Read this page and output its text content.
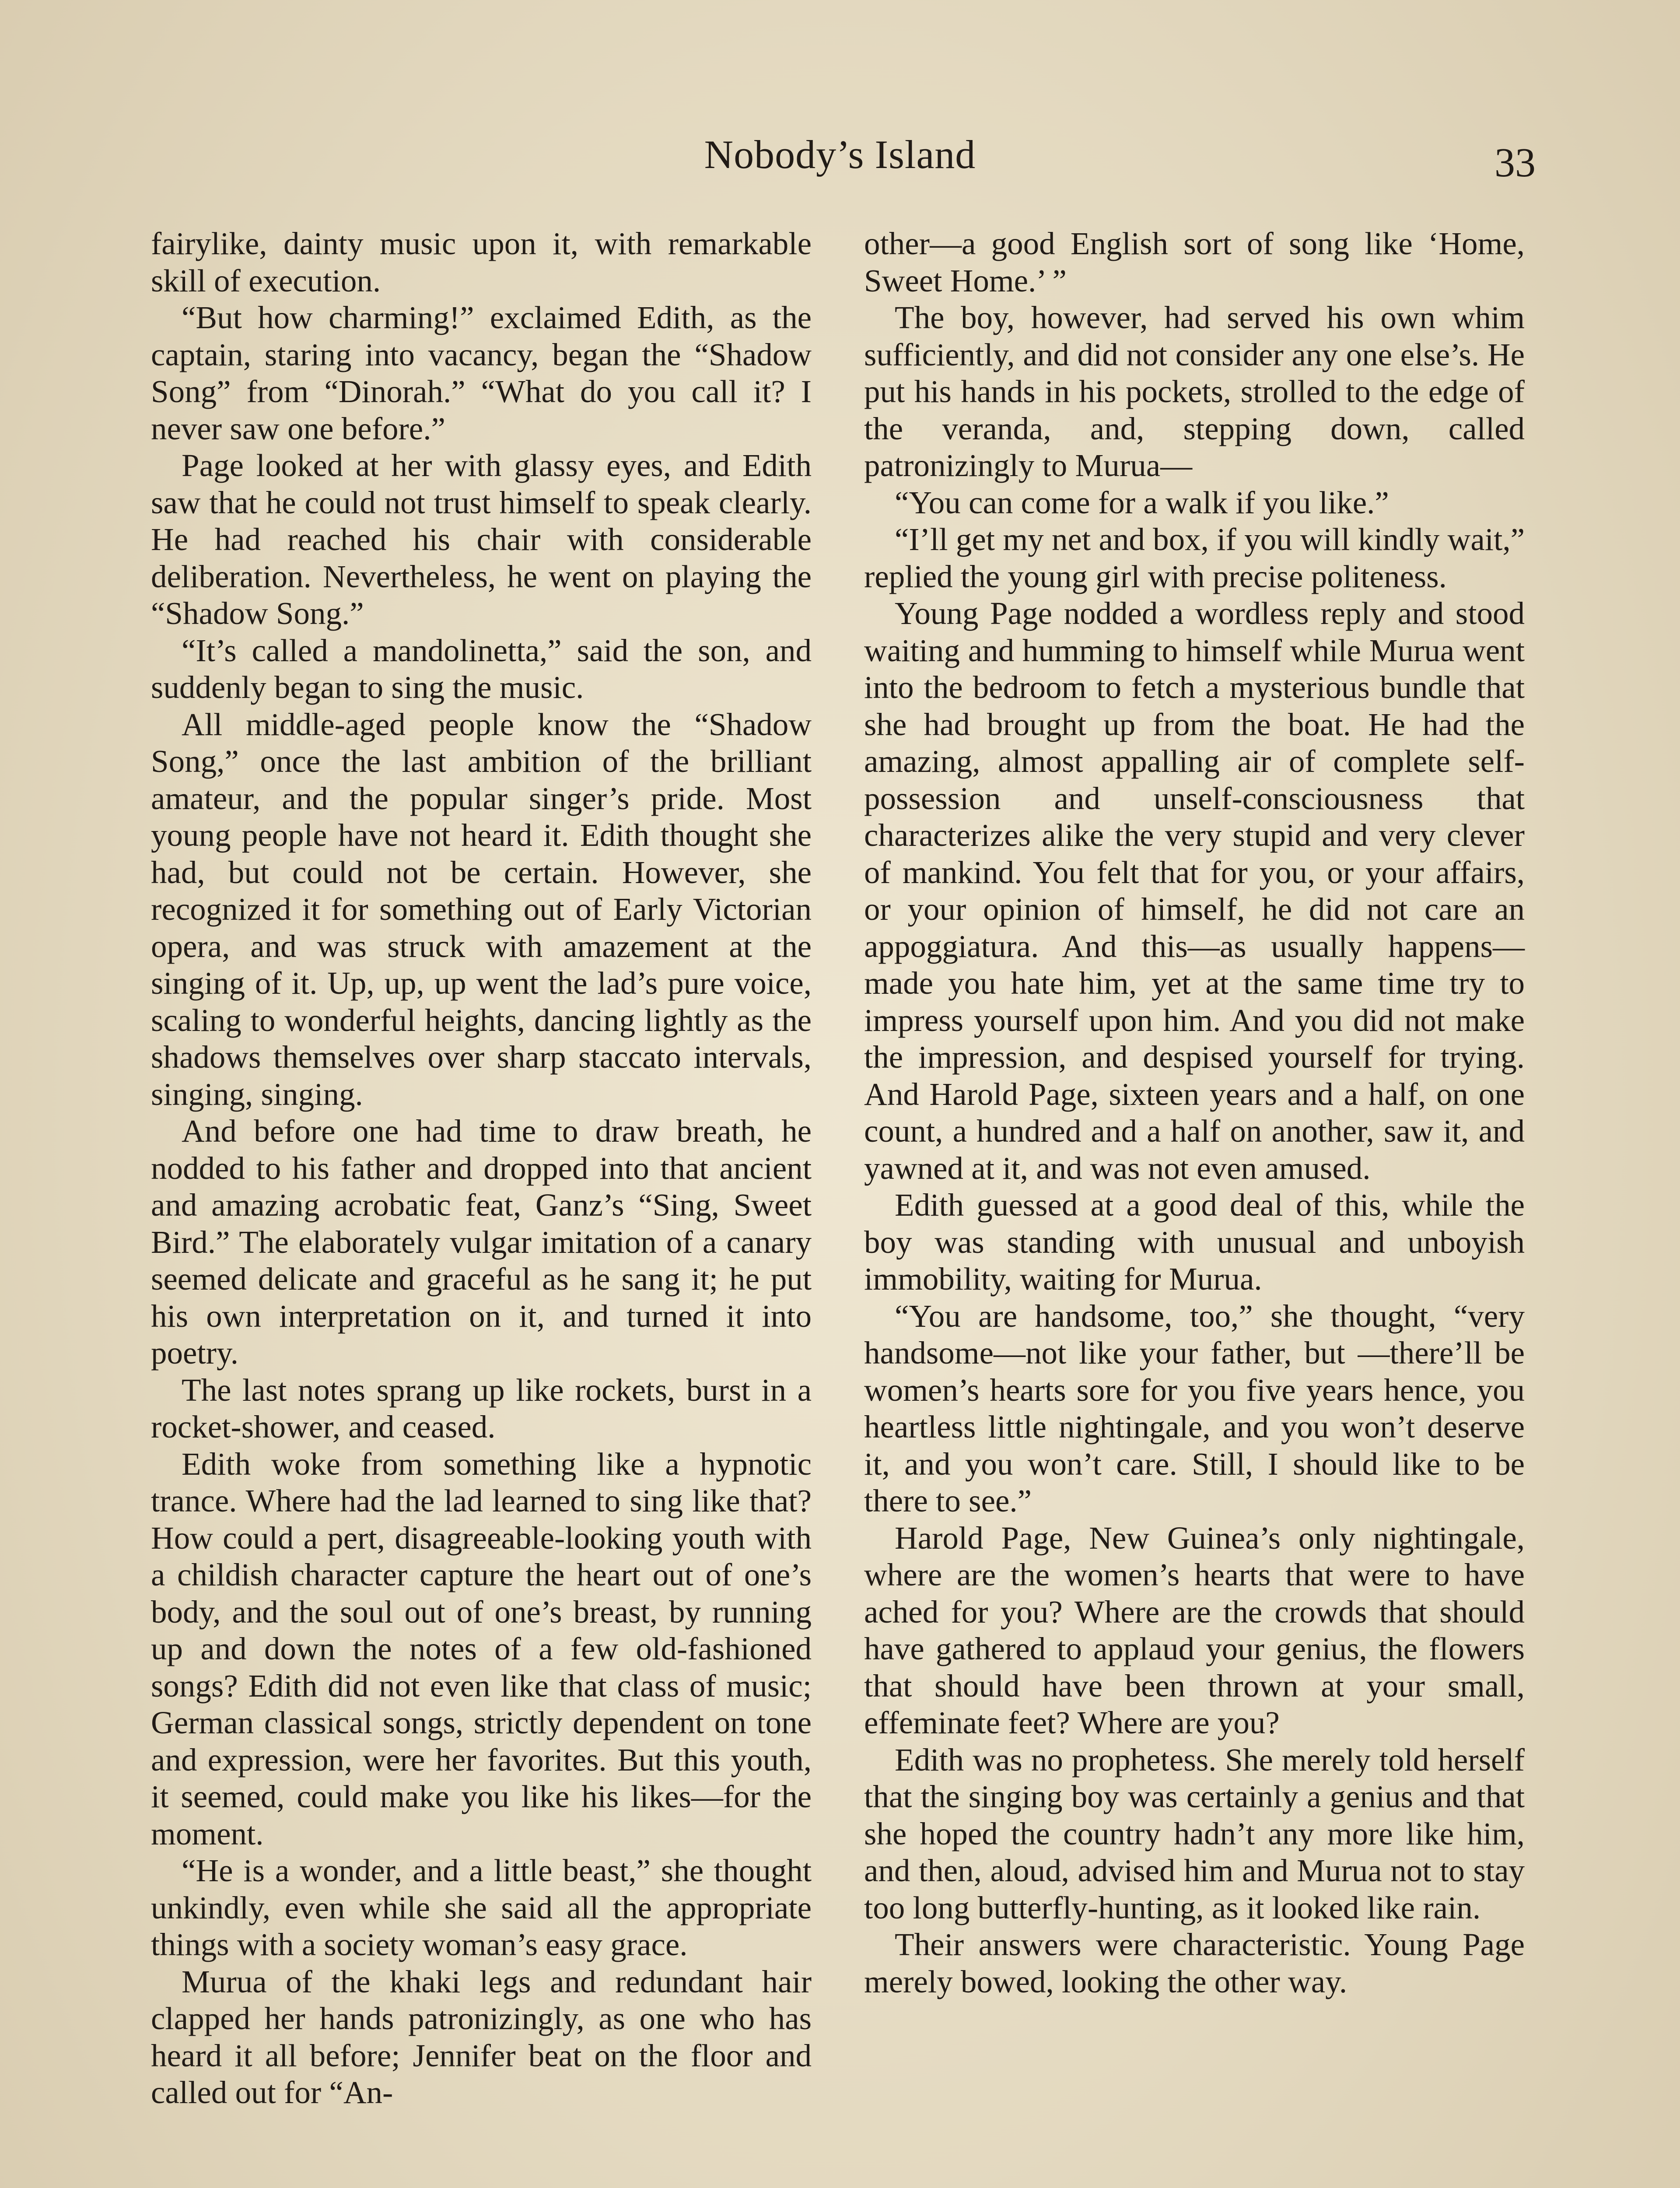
Nobody’s Island	33

fairylike, dainty music upon it, with remarkable skill of execution.

“But how charming!” exclaimed Edith, as the captain, staring into vacancy, began the “Shadow Song” from “Dinorah.” “What do you call it? I never saw one before.”

Page looked at her with glassy eyes, and Edith saw that he could not trust himself to speak clearly. He had reached his chair with considerable deliberation. Nevertheless, he went on playing the “Shadow Song.”

“It’s called a mandolinetta,” said the son, and suddenly began to sing the music.

All middle-aged people know the “Shadow Song,” once the last ambition of the brilliant amateur, and the popular singer’s pride. Most young people have not heard it. Edith thought she had, but could not be certain. However, she recognized it for something out of Early Victorian opera, and was struck with amazement at the singing of it. Up, up, up went the lad’s pure voice, scaling to wonderful heights, dancing lightly as the shadows themselves over sharp staccato intervals, singing, singing.

And before one had time to draw breath, he nodded to his father and dropped into that ancient and amazing acrobatic feat, Ganz’s “Sing, Sweet Bird.” The elaborately vulgar imitation of a canary seemed delicate and graceful as he sang it; he put his own interpretation on it, and turned it into poetry.

The last notes sprang up like rockets, burst in a rocket-shower, and ceased.

Edith woke from something like a hypnotic trance. Where had the lad learned to sing like that? How could a pert, disagreeable-looking youth with a childish character capture the heart out of one’s body, and the soul out of one’s breast, by running up and down the notes of a few old-fashioned songs? Edith did not even like that class of music; German classical songs, strictly dependent on tone and expression, were her favorites. But this youth, it seemed, could make you like his likes—for the moment.

“He is a wonder, and a little beast,” she thought unkindly, even while she said all the appropriate things with a society woman’s easy grace.

Murua of the khaki legs and redundant hair clapped her hands patronizingly, as one who has heard it all before; Jennifer beat on the floor and called out for “An-

other—a good English sort of song like ‘Home, Sweet Home.’ ”

The boy, however, had served his own whim sufficiently, and did not consider any one else’s. He put his hands in his pockets, strolled to the edge of the veranda, and, stepping down, called patronizingly to Murua—

“You can come for a walk if you like.”

“I’ll get my net and box, if you will kindly wait,” replied the young girl with precise politeness.

Young Page nodded a wordless reply and stood waiting and humming to himself while Murua went into the bedroom to fetch a mysterious bundle that she had brought up from the boat. He had the amazing, almost appalling air of complete self-possession and unself-consciousness that characterizes alike the very stupid and very clever of mankind. You felt that for you, or your affairs, or your opinion of himself, he did not care an appoggiatura. And this—as usually happens—made you hate him, yet at the same time try to impress yourself upon him. And you did not make the impression, and despised yourself for trying. And Harold Page, sixteen years and a half, on one count, a hundred and a half on another, saw it, and yawned at it, and was not even amused.

Edith guessed at a good deal of this, while the boy was standing with unusual and unboyish immobility, waiting for Murua.

“You are handsome, too,” she thought, “very handsome—not like your father, but —there’ll be women’s hearts sore for you five years hence, you heartless little nightingale, and you won’t deserve it, and you won’t care. Still, I should like to be there to see.”

Harold Page, New Guinea’s only nightingale, where are the women’s hearts that were to have ached for you? Where are the crowds that should have gathered to applaud your genius, the flowers that should have been thrown at your small, effeminate feet? Where are you?

Edith was no prophetess. She merely told herself that the singing boy was certainly a genius and that she hoped the country hadn’t any more like him, and then, aloud, advised him and Murua not to stay too long butterfly-hunting, as it looked like rain.

Their answers were characteristic. Young Page merely bowed, looking the other way.
